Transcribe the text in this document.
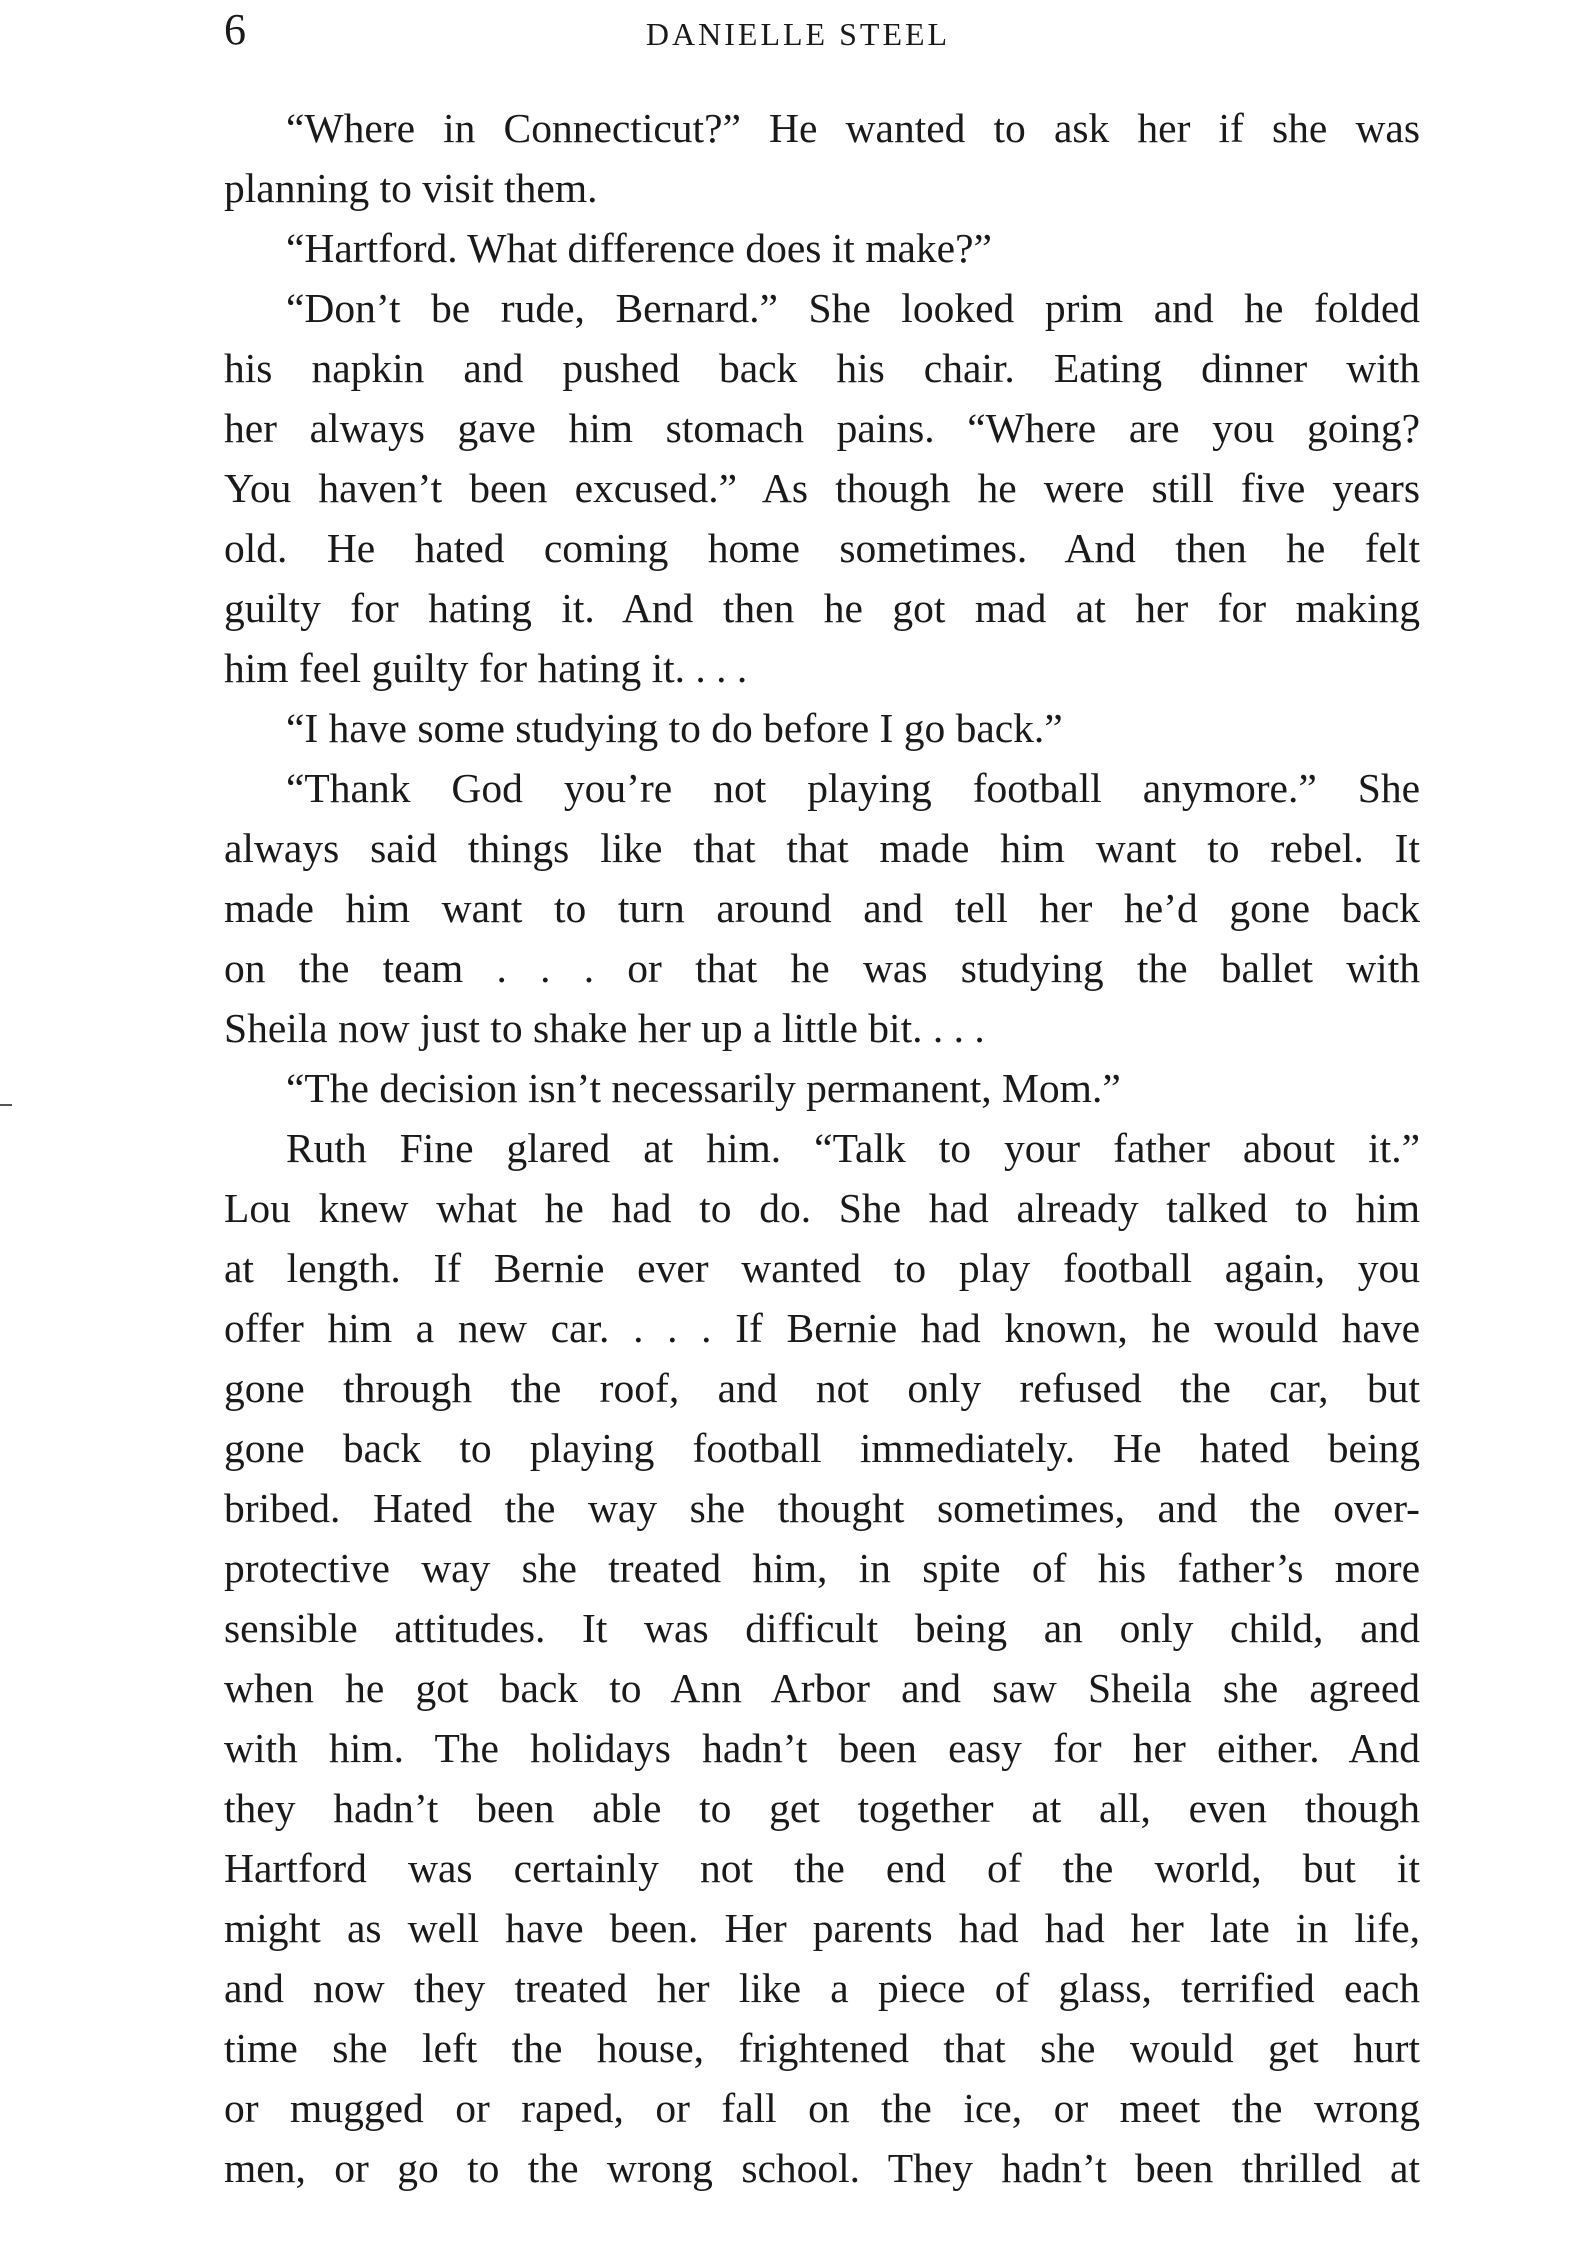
6	DANIELLE STEEL
“Where in Connecticut?” He wanted to ask her if she was
planning to visit them.
“Hartford. What difference does it make?”
“Don’t be rude, Bernard.” She looked prim and he folded
his napkin and pushed back his chair. Eating dinner with
her always gave him stomach pains. “Where are you going?
You haven’t been excused.” As though he were still five years
old. He hated coming home sometimes. And then he felt
guilty for hating it. And then he got mad at her for making
him feel guilty for hating it. . . .
“I have some studying to do before I go back.”
“Thank God you’re not playing football anymore.” She
always said things like that that made him want to rebel. It
made him want to turn around and tell her he’d gone back
on the team . . . or that he was studying the ballet with
Sheila now just to shake her up a little bit. . . .
“The decision isn’t necessarily permanent, Mom.”
Ruth Fine glared at him. “Talk to your father about it.”
Lou knew what he had to do. She had already talked to him
at length. If Bernie ever wanted to play football again, you
offer him a new car. . . . If Bernie had known, he would have
gone through the roof, and not only refused the car, but
gone back to playing football immediately. He hated being
bribed. Hated the way she thought sometimes, and the over-
protective way she treated him, in spite of his father’s more
sensible attitudes. It was difficult being an only child, and
when he got back to Ann Arbor and saw Sheila she agreed
with him. The holidays hadn’t been easy for her either. And
they hadn’t been able to get together at all, even though
Hartford was certainly not the end of the world, but it
might as well have been. Her parents had had her late in life,
and now they treated her like a piece of glass, terrified each
time she left the house, frightened that she would get hurt
or mugged or raped, or fall on the ice, or meet the wrong
men, or go to the wrong school. They hadn’t been thrilled at
